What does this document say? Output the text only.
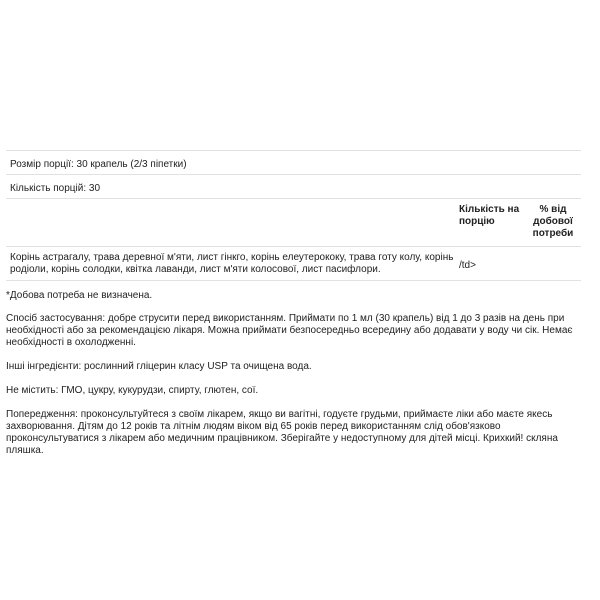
Розмір порції: 30 крапель (2/3 піпетки)		
Кількість порцій: 30		
	Кількість на порцію	% від добової потреби
Корінь астрагалу, трава деревної м'яти, лист гінкго, корінь елеутерококу, трава готу колу, корінь родіоли, корінь солодки, квітка лаванди, лист м'яти колосової, лист пасифлори.	/td>	

*Добова потреба не визначена.

Спосіб застосування: добре струсити перед використанням. Приймати по 1 мл (30 крапель) від 1 до 3 разів на день при необхідності або за рекомендацією лікаря. Можна приймати безпосередньо всередину або додавати у воду чи сік. Немає необхідності в охолодженні.

Інші інгредієнти: рослинний гліцерин класу USP та очищена вода.

Не містить: ГМО, цукру, кукурудзи, спирту, глютен, сої.

Попередження: проконсультуйтеся з своїм лікарем, якщо ви вагітні, годуєте грудьми, приймаєте ліки або маєте якесь захворювання. Дітям до 12 років та літнім людям віком від 65 років перед використанням слід обов'язково проконсультуватися з лікарем або медичним працівником. Зберігайте у недоступному для дітей місці. Крихкий! скляна пляшка.
